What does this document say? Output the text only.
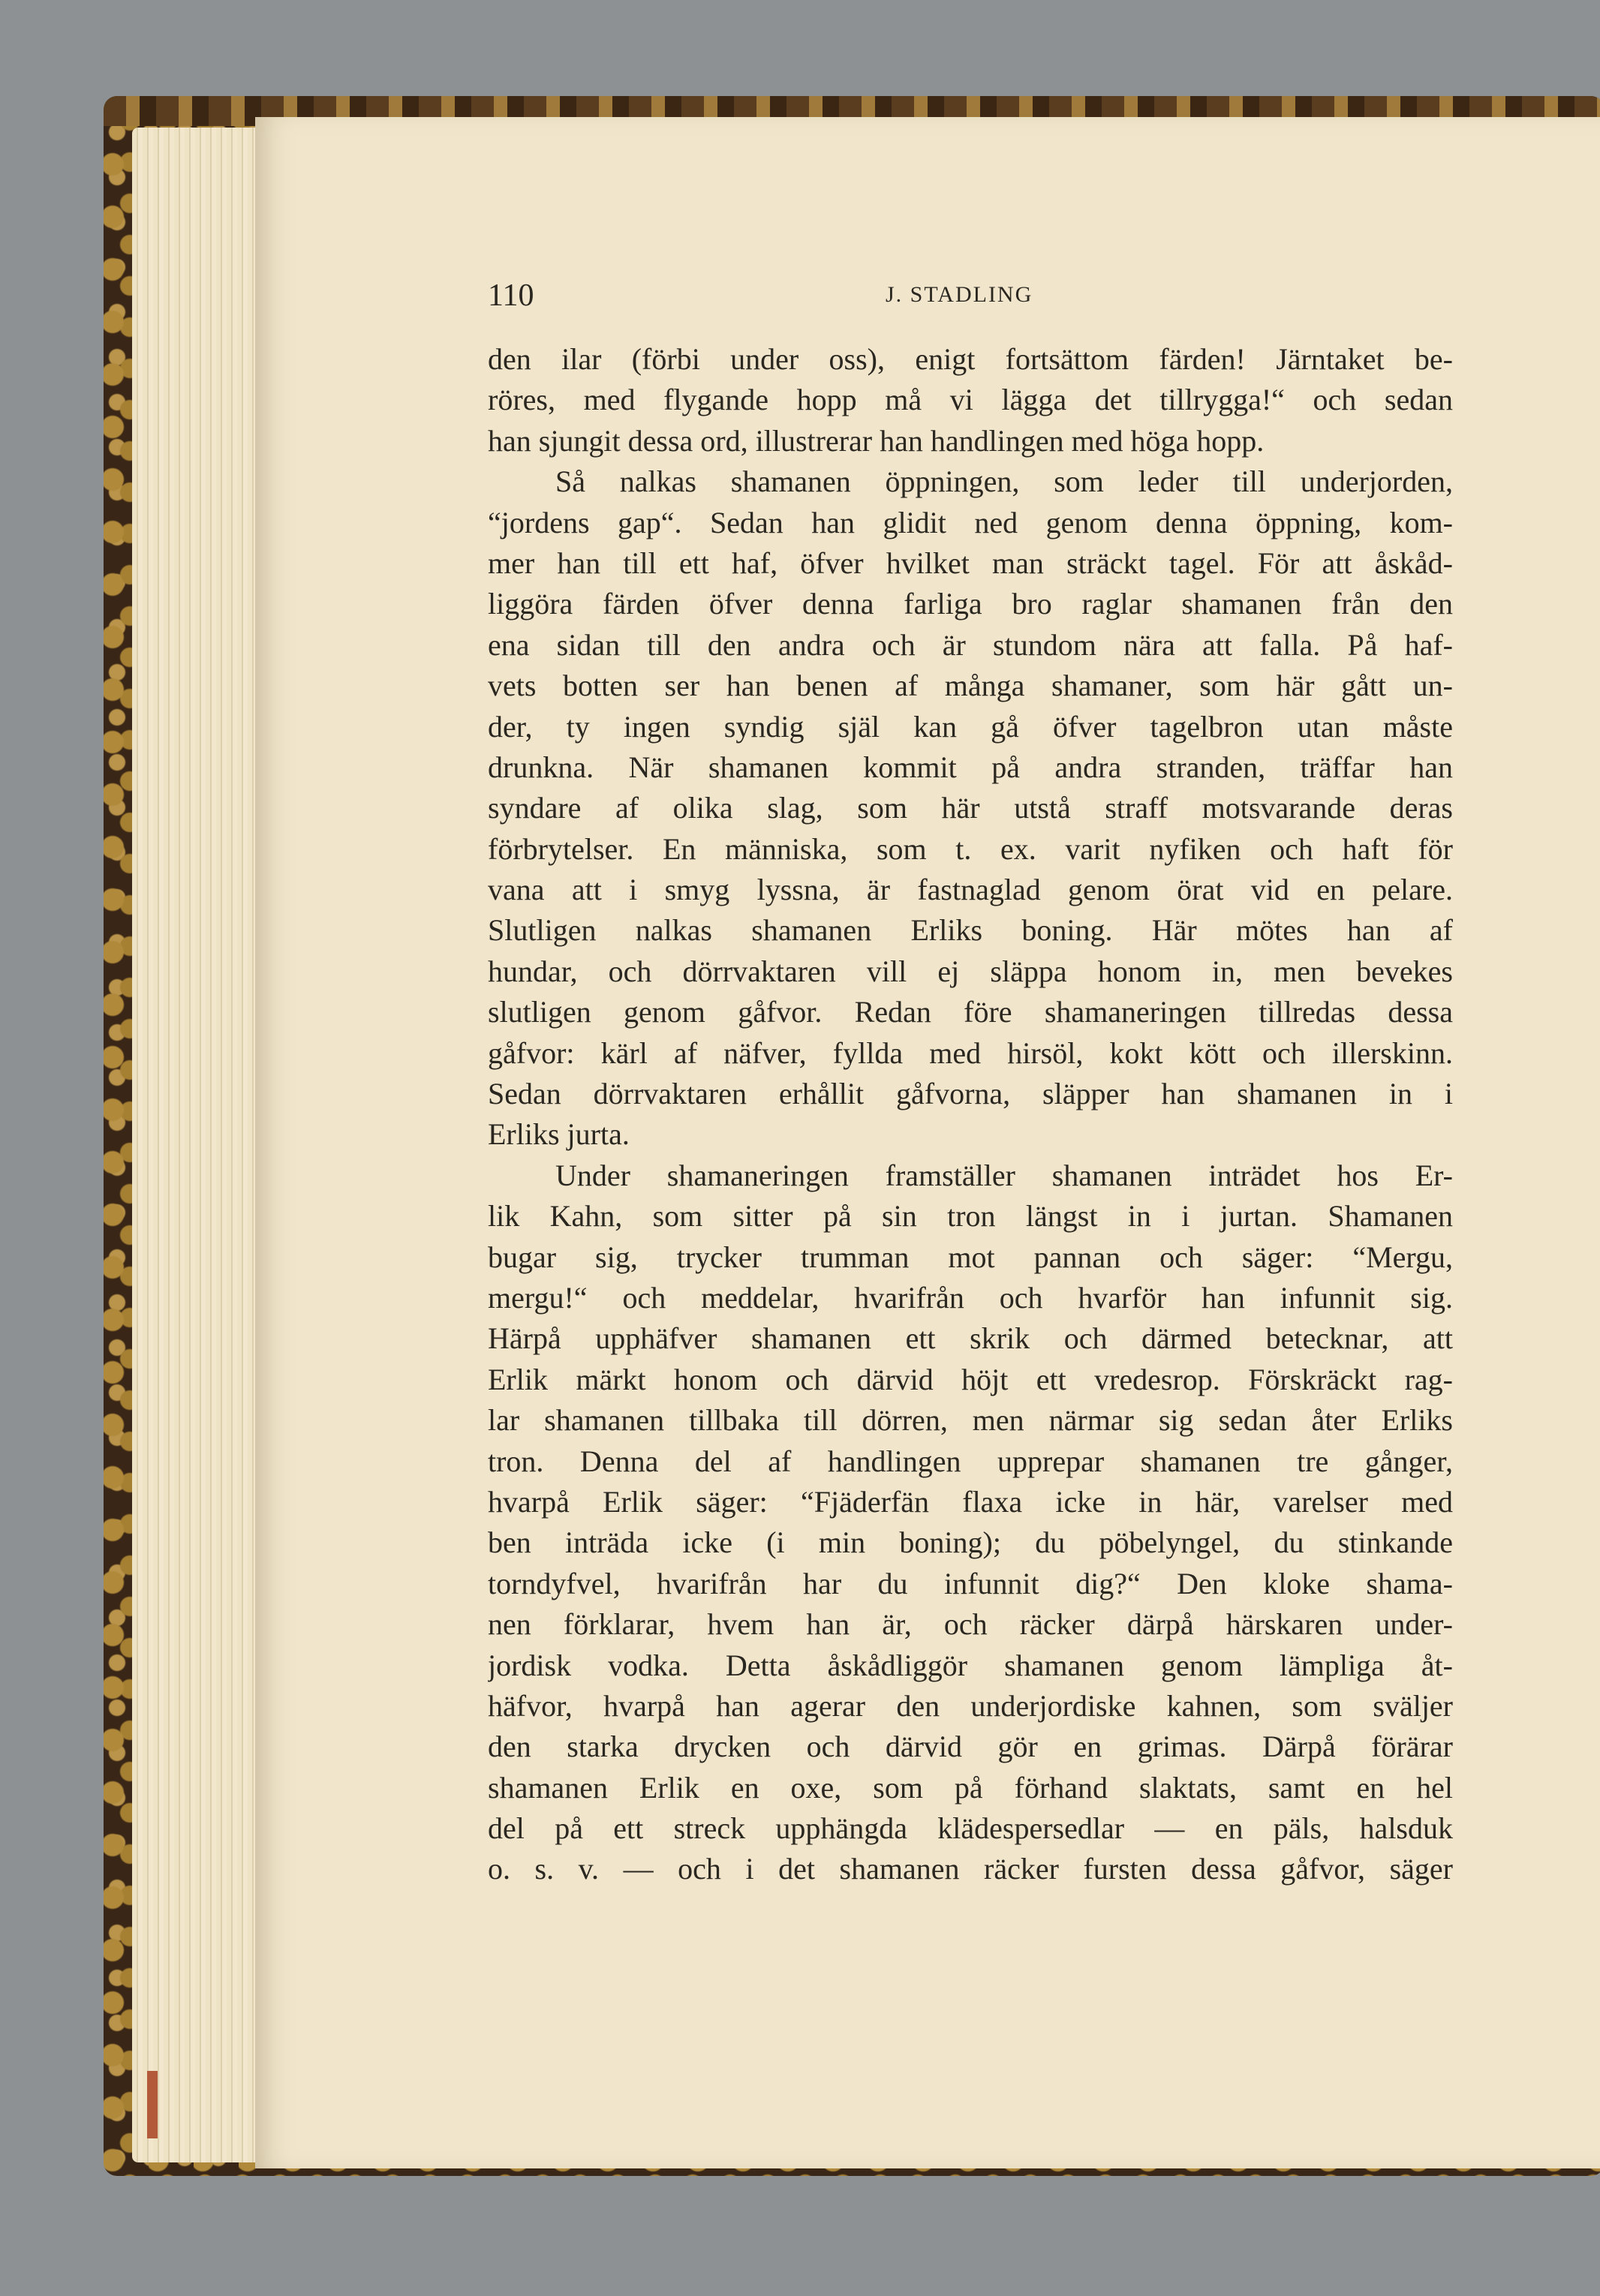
110	J. STADLING
den ilar (förbi under oss), enigt fortsättom färden! Järntaket be-
röres, med flygande hopp må vi lägga det tillrygga!“ och sedan
han sjungit dessa ord, illustrerar han handlingen med höga hopp.
Så nalkas shamanen öppningen, som leder till underjorden,
“jordens gap“. Sedan han glidit ned genom denna öppning, kom-
mer han till ett haf, öfver hvilket man sträckt tagel. För att åskåd-
liggöra färden öfver denna farliga bro raglar shamanen från den
ena sidan till den andra och är stundom nära att falla. På haf-
vets botten ser han benen af många shamaner, som här gått un-
der, ty ingen syndig själ kan gå öfver tagelbron utan måste
drunkna. När shamanen kommit på andra stranden, träffar han
syndare af olika slag, som här utstå straff motsvarande deras
förbrytelser. En människa, som t. ex. varit nyfiken och haft för
vana att i smyg lyssna, är fastnaglad genom örat vid en pelare.
Slutligen nalkas shamanen Erliks boning. Här mötes han af
hundar, och dörrvaktaren vill ej släppa honom in, men bevekes
slutligen genom gåfvor. Redan före shamaneringen tillredas dessa
gåfvor: kärl af näfver, fyllda med hirsöl, kokt kött och illerskinn.
Sedan dörrvaktaren erhållit gåfvorna, släpper han shamanen in i
Erliks jurta.
Under shamaneringen framställer shamanen inträdet hos Er-
lik Kahn, som sitter på sin tron längst in i jurtan. Shamanen
bugar sig, trycker trumman mot pannan och säger: “Mergu,
mergu!“ och meddelar, hvarifrån och hvarför han infunnit sig.
Härpå upphäfver shamanen ett skrik och därmed betecknar, att
Erlik märkt honom och därvid höjt ett vredesrop. Förskräckt rag-
lar shamanen tillbaka till dörren, men närmar sig sedan åter Erliks
tron. Denna del af handlingen upprepar shamanen tre gånger,
hvarpå Erlik säger: “Fjäderfän flaxa icke in här, varelser med
ben inträda icke (i min boning); du pöbelyngel, du stinkande
torndyfvel, hvarifrån har du infunnit dig?“ Den kloke shama-
nen förklarar, hvem han är, och räcker därpå härskaren under-
jordisk vodka. Detta åskådliggör shamanen genom lämpliga åt-
häfvor, hvarpå han agerar den underjordiske kahnen, som sväljer
den starka drycken och därvid gör en grimas. Därpå förärar
shamanen Erlik en oxe, som på förhand slaktats, samt en hel
del på ett streck upphängda klädespersedlar — en päls, halsduk
o. s. v. — och i det shamanen räcker fursten dessa gåfvor, säger
